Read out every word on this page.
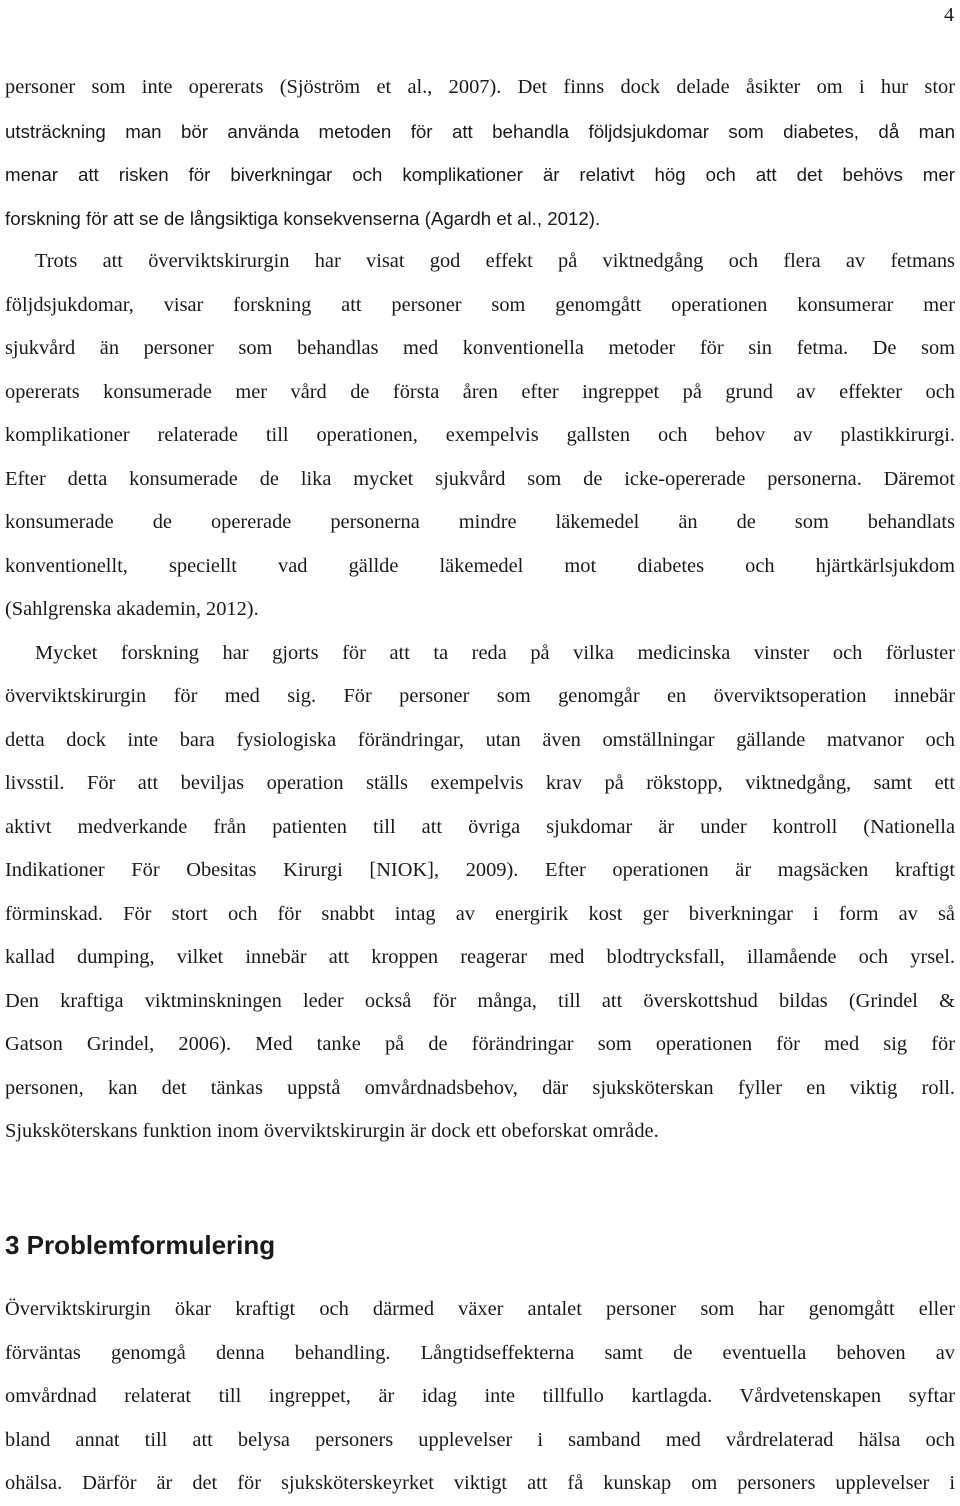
4
personer som inte opererats (Sjöström et al., 2007). Det finns dock delade åsikter om i hur stor
utsträckning man bör använda metoden för att behandla följdsjukdomar som diabetes, då man
menar att risken för biverkningar och komplikationer är relativt hög och att det behövs mer
forskning för att se de långsiktiga konsekvenserna (Agardh et al., 2012).
Trots att överviktskirurgin har visat god effekt på viktnedgång och flera av fetmans
följdsjukdomar, visar forskning att personer som genomgått operationen konsumerar mer
sjukvård än personer som behandlas med konventionella metoder för sin fetma. De som
opererats konsumerade mer vård de första åren efter ingreppet på grund av effekter och
komplikationer relaterade till operationen, exempelvis gallsten och behov av plastikkirurgi.
Efter detta konsumerade de lika mycket sjukvård som de icke-opererade personerna. Däremot
konsumerade de opererade personerna mindre läkemedel än de som behandlats
konventionellt, speciellt vad gällde läkemedel mot diabetes och hjärtkärlsjukdom
(Sahlgrenska akademin, 2012).
Mycket forskning har gjorts för att ta reda på vilka medicinska vinster och förluster
överviktskirurgin för med sig. För personer som genomgår en överviktsoperation innebär
detta dock inte bara fysiologiska förändringar, utan även omställningar gällande matvanor och
livsstil. För att beviljas operation ställs exempelvis krav på rökstopp, viktnedgång, samt ett
aktivt medverkande från patienten till att övriga sjukdomar är under kontroll (Nationella
Indikationer För Obesitas Kirurgi [NIOK], 2009). Efter operationen är magsäcken kraftigt
förminskad. För stort och för snabbt intag av energirik kost ger biverkningar i form av så
kallad dumping, vilket innebär att kroppen reagerar med blodtrycksfall, illamående och yrsel.
Den kraftiga viktminskningen leder också för många, till att överskottshud bildas (Grindel &
Gatson Grindel, 2006). Med tanke på de förändringar som operationen för med sig för
personen, kan det tänkas uppstå omvårdnadsbehov, där sjuksköterskan fyller en viktig roll.
Sjuksköterskans funktion inom överviktskirurgin är dock ett obeforskat område.
3 Problemformulering
Överviktskirurgin ökar kraftigt och därmed växer antalet personer som har genomgått eller
förväntas genomgå denna behandling. Långtidseffekterna samt de eventuella behoven av
omvårdnad relaterat till ingreppet, är idag inte tillfullo kartlagda. Vårdvetenskapen syftar
bland annat till att belysa personers upplevelser i samband med vårdrelaterad hälsa och
ohälsa. Därför är det för sjuksköterskeyrket viktigt att få kunskap om personers upplevelser i
